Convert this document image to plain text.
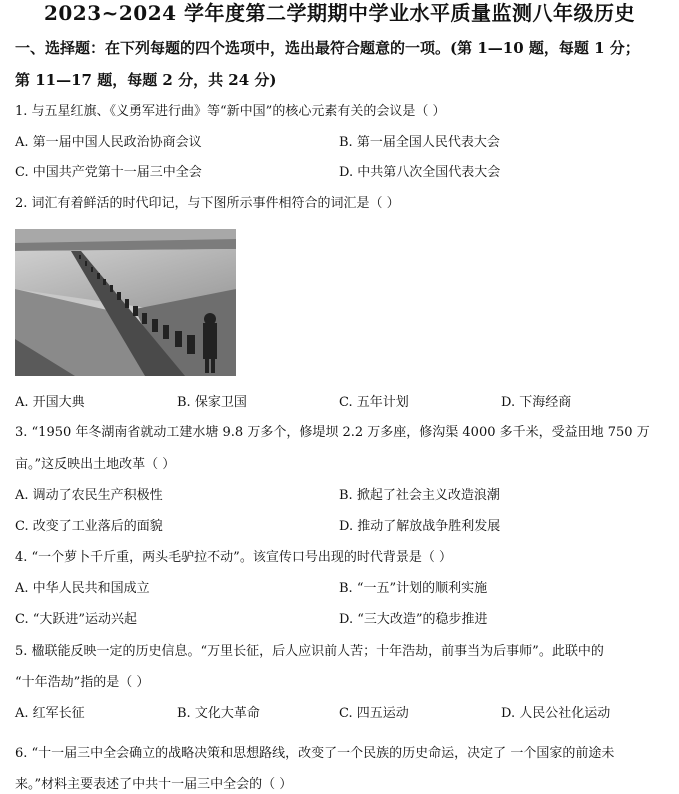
2023~2024 学年度第二学期期中学业水平质量监测八年级历史
一、选择题：在下列每题的四个选项中，选出最符合题意的一项。(第 1—10 题，每题 1 分；
第 11—17 题，每题 2 分，共 24 分)
1. 与五星红旗、《义勇军进行曲》等“新中国”的核心元素有关的会议是（ ）
A. 第一届中国人民政治协商会议	B. 第一届全国人民代表大会
C. 中国共产党第十一届三中全会	D. 中共第八次全国代表大会
2. 词汇有着鲜活的时代印记，与下图所示事件相符合的词汇是（ ）
A. 开国大典	B. 保家卫国	C. 五年计划	D. 下海经商
3. “1950 年冬湖南省就动工建水塘 9.8 万多个，修堤坝 2.2 万多座，修沟渠 4000 多千米，受益田地 750 万
亩。”这反映出土地改革（ ）
A. 调动了农民生产积极性	B. 掀起了社会主义改造浪潮
C. 改变了工业落后的面貌	D. 推动了解放战争胜利发展
4. “一个萝卜千斤重，两头毛驴拉不动”。该宣传口号出现的时代背景是（ ）
A. 中华人民共和国成立	B. “一五”计划的顺利实施
C. “大跃进”运动兴起	D. “三大改造”的稳步推进
5. 楹联能反映一定的历史信息。“万里长征，后人应识前人苦；十年浩劫，前事当为后事师”。此联中的
“十年浩劫”指的是（ ）
A. 红军长征	B. 文化大革命	C. 四五运动	D. 人民公社化运动
6. “十一届三中全会确立的战略决策和思想路线，改变了一个民族的历史命运，决定了 一个国家的前途未
来。”材料主要表述了中共十一届三中全会的（ ）
